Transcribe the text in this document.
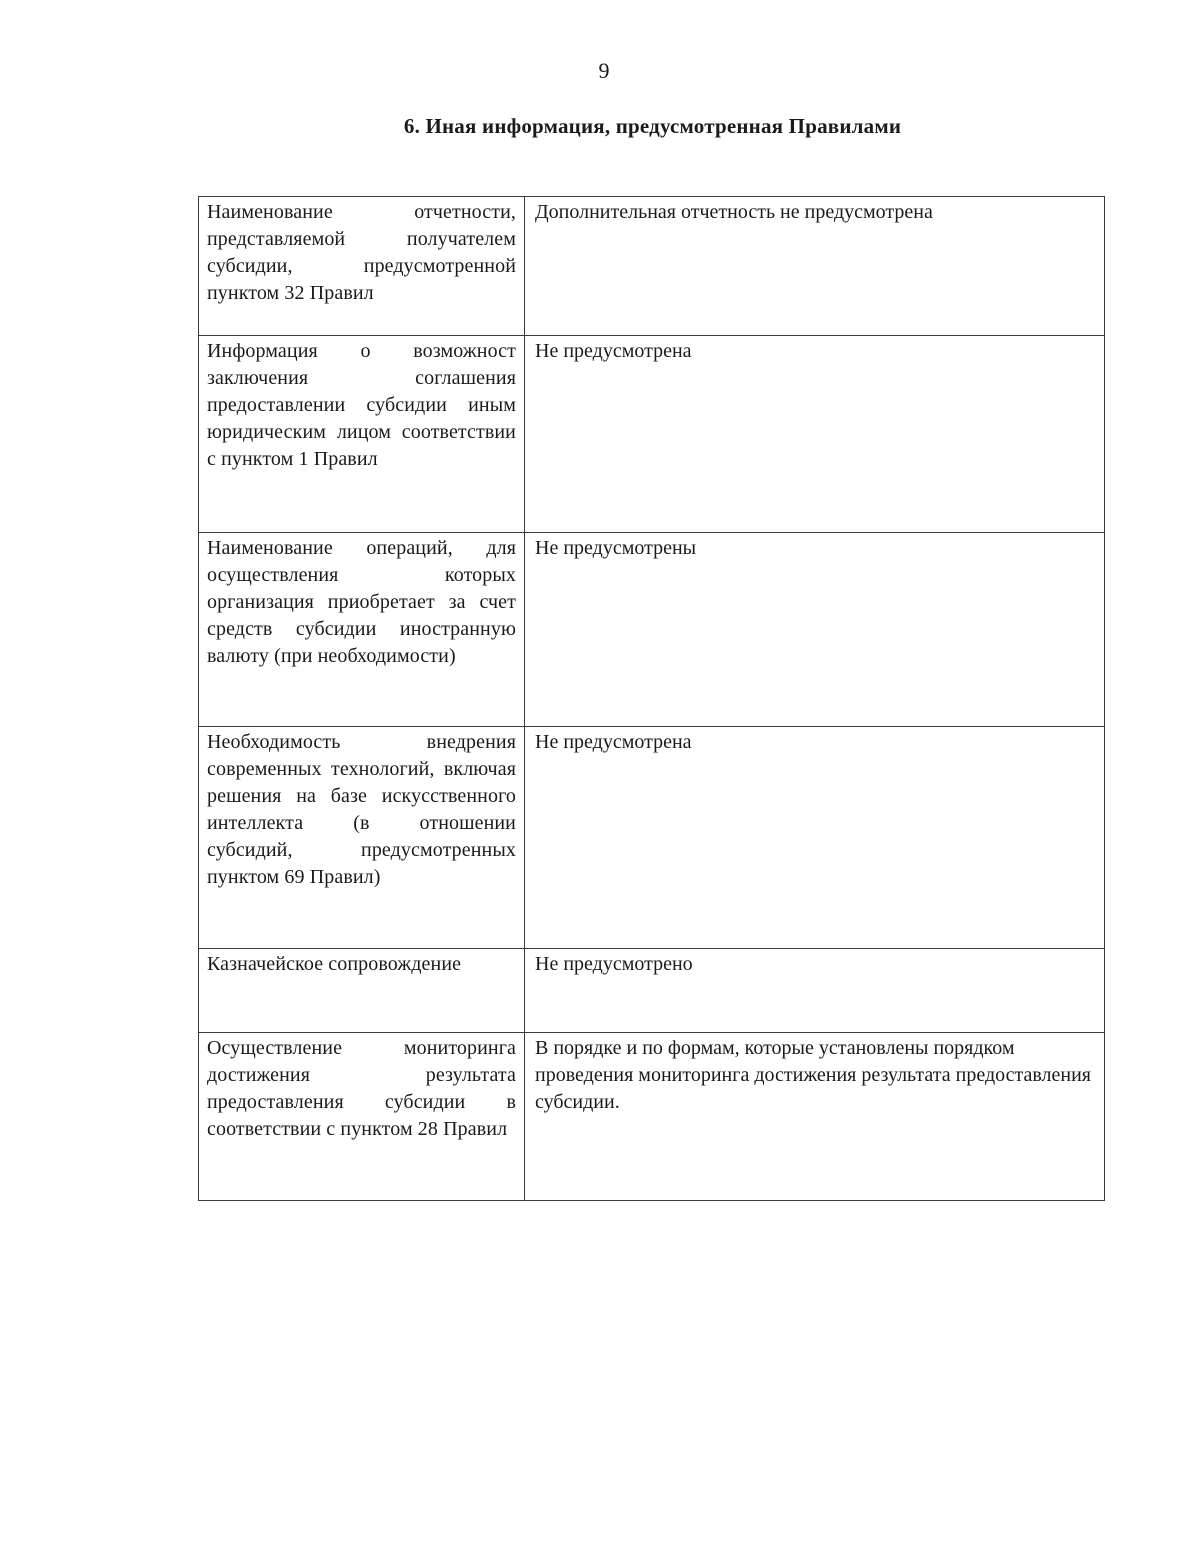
9
6. Иная информация, предусмотренная Правилами
Наименование отчетности, представляемой получателем субсидии, предусмотренной пунктом 32 Правил	Дополнительная отчетность не предусмотрена
Информация о возможност заключения соглашения предоставлении субсидии иным юридическим лицом соответствии с пунктом 1 Правил	Не предусмотрена
Наименование операций, для осуществления которых организация приобретает за счет средств субсидии иностранную валюту (при необходимости)	Не предусмотрены
Необходимость внедрения современных технологий, включая решения на базе искусственного интеллекта (в отношении субсидий, предусмотренных пунктом 69 Правил)	Не предусмотрена
Казначейское сопровождение	Не предусмотрено
Осуществление мониторинга достижения результата предоставления субсидии в соответствии с пунктом 28 Правил	В порядке и по формам, которые установлены порядком проведения мониторинга достижения результата предоставления субсидии.
